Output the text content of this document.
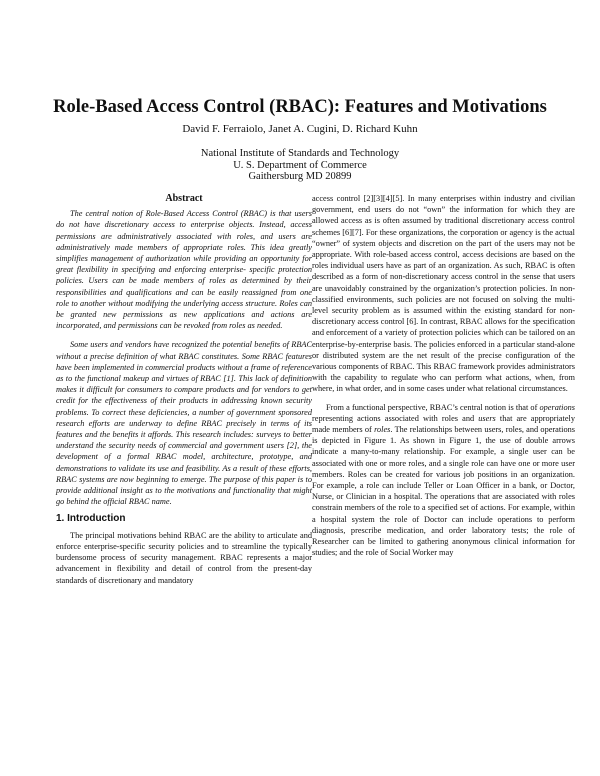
Role-Based Access Control (RBAC): Features and Motivations
David F. Ferraiolo, Janet A. Cugini, D. Richard Kuhn
National Institute of Standards and Technology
U. S. Department of Commerce
Gaithersburg MD 20899
Abstract

The central notion of Role-Based Access Control (RBAC) is that users do not have discretionary access to enterprise objects. Instead, access permissions are administratively associated with roles, and users are administratively made members of appropriate roles. This idea greatly simplifies management of authorization while providing an opportunity for great flexibility in specifying and enforcing enterprise- specific protection policies. Users can be made members of roles as determined by their responsibilities and qualifications and can be easily reassigned from one role to another without modifying the underlying access structure. Roles can be granted new permissions as new applications and actions are incorporated, and permissions can be revoked from roles as needed.

Some users and vendors have recognized the potential benefits of RBAC without a precise definition of what RBAC constitutes. Some RBAC features have been implemented in commercial products without a frame of reference as to the functional makeup and virtues of RBAC [1]. This lack of definition makes it difficult for consumers to compare products and for vendors to get credit for the effectiveness of their products in addressing known security problems. To correct these deficiencies, a number of government sponsored research efforts are underway to define RBAC precisely in terms of its features and the benefits it affords. This research includes: surveys to better understand the security needs of commercial and government users [2], the development of a formal RBAC model, architecture, prototype, and demonstrations to validate its use and feasibility. As a result of these efforts, RBAC systems are now beginning to emerge. The purpose of this paper is to provide additional insight as to the motivations and functionality that might go behind the official RBAC name.

1. Introduction

The principal motivations behind RBAC are the ability to articulate and enforce enterprise-specific security policies and to streamline the typically burdensome process of security management. RBAC represents a major advancement in flexibility and detail of control from the present-day standards of discretionary and mandatory

access control [2][3][4][5]. In many enterprises within industry and civilian government, end users do not “own” the information for which they are allowed access as is often assumed by traditional discretionary access control schemes [6][7]. For these organizations, the corporation or agency is the actual “owner” of system objects and discretion on the part of the users may not be appropriate. With role-based access control, access decisions are based on the roles individual users have as part of an organization. As such, RBAC is often described as a form of non-discretionary access control in the sense that users are unavoidably constrained by the organization’s protection policies. In non-classified environments, such policies are not focused on solving the multi-level security problem as is assumed within the existing standard for non-discretionary access control [6]. In contrast, RBAC allows for the specification and enforcement of a variety of protection policies which can be tailored on an enterprise-by-enterprise basis. The policies enforced in a particular stand-alone or distributed system are the net result of the precise configuration of the various components of RBAC. This RBAC framework provides administrators with the capability to regulate who can perform what actions, when, from where, in what order, and in some cases under what relational circumstances.

From a functional perspective, RBAC’s central notion is that of operations representing actions associated with roles and users that are appropriately made members of roles. The relationships between users, roles, and operations is depicted in Figure 1. As shown in Figure 1, the use of double arrows indicate a many-to-many relationship. For example, a single user can be associated with one or more roles, and a single role can have one or more user members. Roles can be created for various job positions in an organization. For example, a role can include Teller or Loan Officer in a bank, or Doctor, Nurse, or Clinician in a hospital. The operations that are associated with roles constrain members of the role to a specified set of actions. For example, within a hospital system the role of Doctor can include operations to perform diagnosis, prescribe medication, and order laboratory tests; the role of Researcher can be limited to gathering anonymous clinical information for studies; and the role of Social Worker may
